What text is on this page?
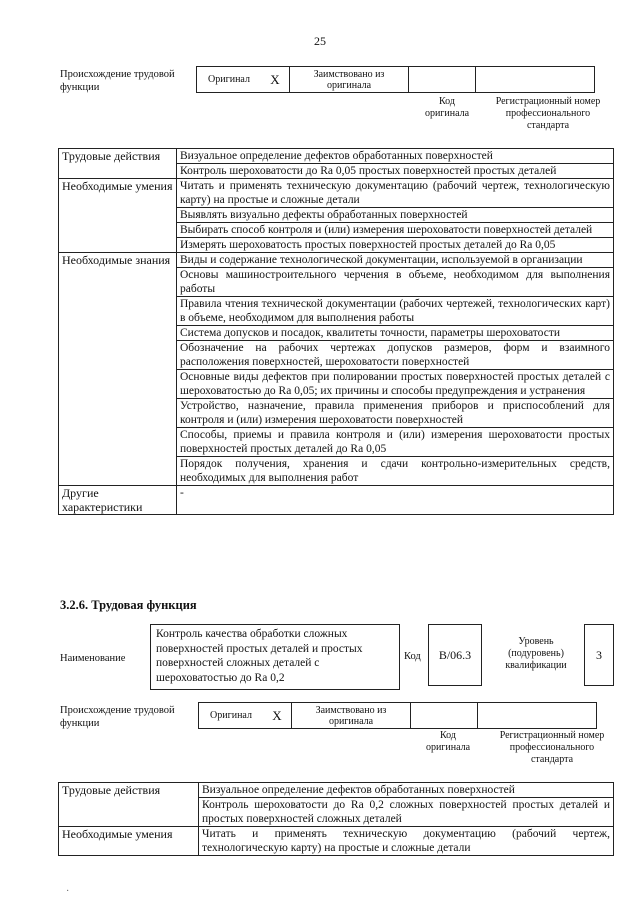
25
Происхождение трудовой функции
Оригинал	X	Заимствовано из оригинала		
Код оригинала
Регистрационный номер профессионального стандарта
Трудовые действия	Визуальное определение дефектов обработанных поверхностей
	Контроль шероховатости до Ra 0,05 простых поверхностей простых деталей
Необходимые умения	Читать и применять техническую документацию (рабочий чертеж, технологическую карту) на простые и сложные детали
	Выявлять визуально дефекты обработанных поверхностей
	Выбирать способ контроля и (или) измерения шероховатости поверхностей деталей
	Измерять шероховатость простых поверхностей простых деталей до Ra 0,05
Необходимые знания	Виды и содержание технологической документации, используемой в организации
	Основы машиностроительного черчения в объеме, необходимом для выполнения работы
	Правила чтения технической документации (рабочих чертежей, технологических карт) в объеме, необходимом для выполнения работы
	Система допусков и посадок, квалитеты точности, параметры шероховатости
	Обозначение на рабочих чертежах допусков размеров, форм и взаимного расположения поверхностей, шероховатости поверхностей
	Основные виды дефектов при полировании простых поверхностей простых деталей с шероховатостью до Ra 0,05; их причины и способы предупреждения и устранения
	Устройство, назначение, правила применения приборов и приспособлений для контроля и (или) измерения шероховатости поверхностей
	Способы, приемы и правила контроля и (или) измерения шероховатости простых поверхностей простых деталей до Ra 0,05
	Порядок получения, хранения и сдачи контрольно-измерительных средств, необходимых для выполнения работ
Другие характеристики	-
3.2.6. Трудовая функция
Наименование
Контроль качества обработки сложных поверхностей простых деталей и простых поверхностей сложных деталей с шероховатостью до Ra 0,2
Код	B/06.3
Уровень (подуровень) квалификации
3
Происхождение трудовой функции
Оригинал	X	Заимствовано из оригинала		
Код оригинала
Регистрационный номер профессионального стандарта
Трудовые действия	Визуальное определение дефектов обработанных поверхностей
	Контроль шероховатости до Ra 0,2 сложных поверхностей простых деталей и простых поверхностей сложных деталей
Необходимые умения	Читать и применять техническую документацию (рабочий чертеж, технологическую карту) на простые и сложные детали
·
